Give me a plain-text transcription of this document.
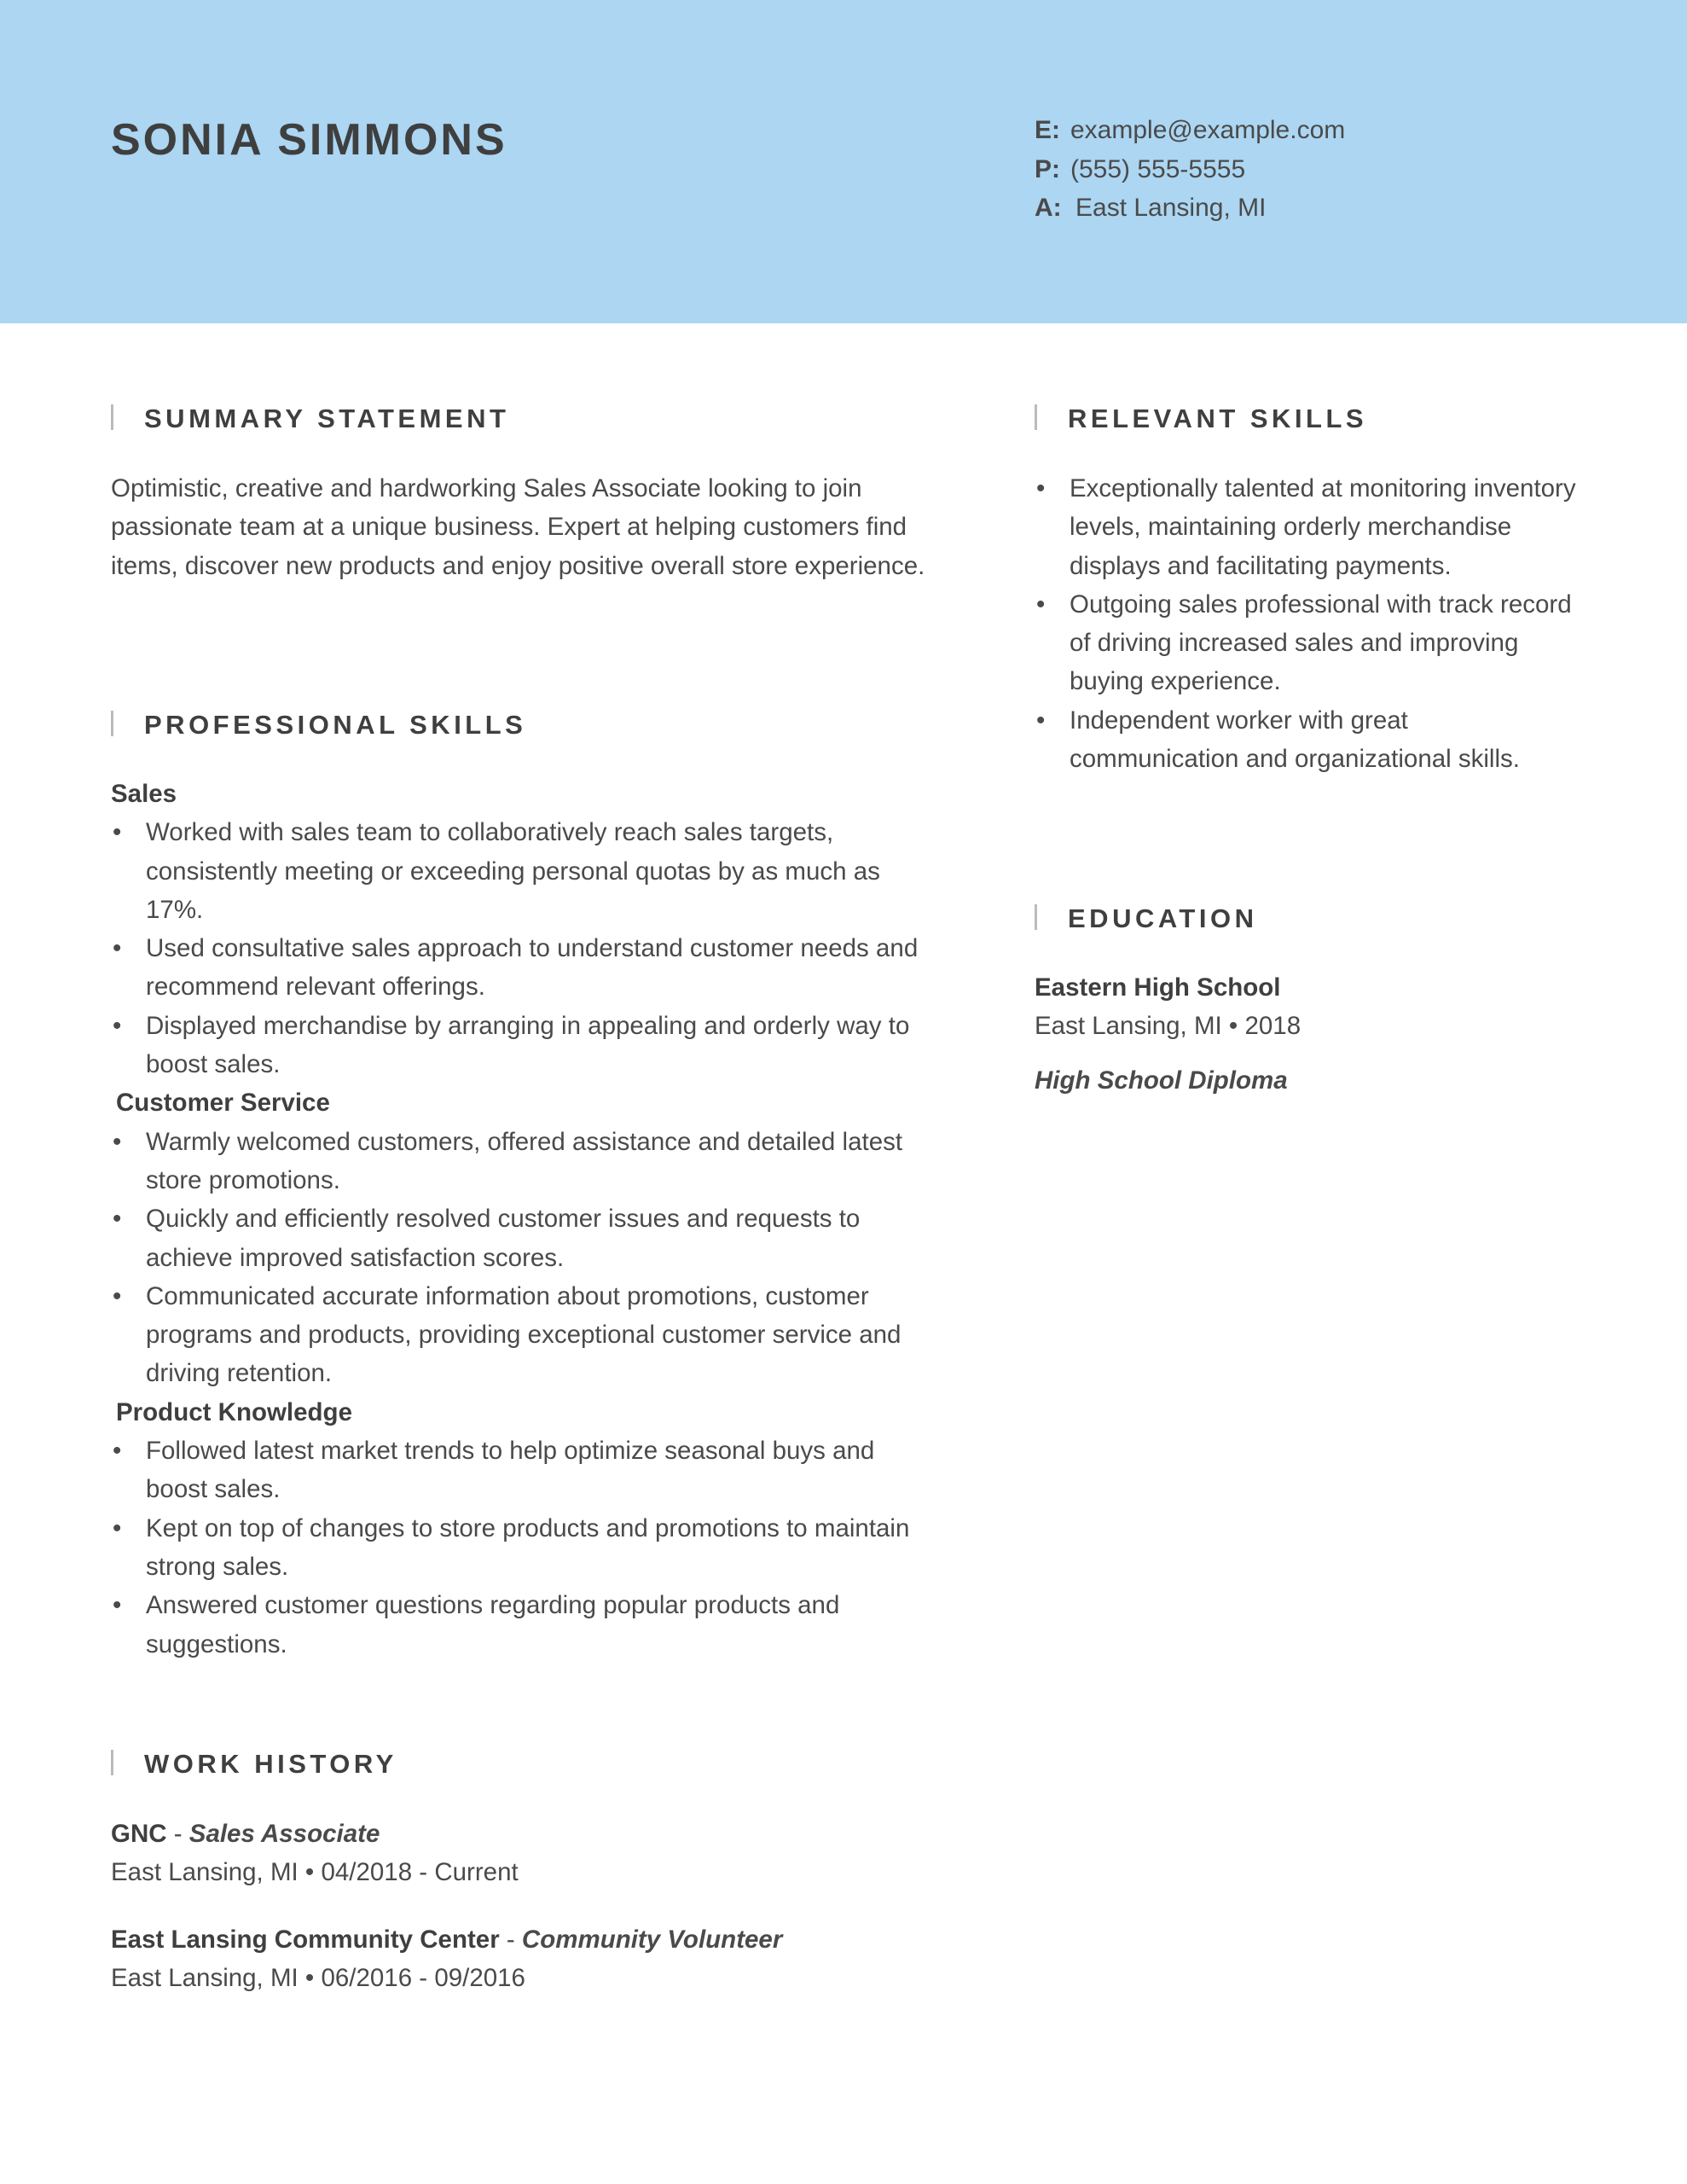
SONIA SIMMONS	E: example@example.com
P: (555) 555-5555
A: East Lansing, MI
SUMMARY STATEMENT
Optimistic, creative and hardworking Sales Associate looking to join passionate team at a unique business. Expert at helping customers find items, discover new products and enjoy positive overall store experience.
PROFESSIONAL SKILLS
Sales
• Worked with sales team to collaboratively reach sales targets, consistently meeting or exceeding personal quotas by as much as 17%.
• Used consultative sales approach to understand customer needs and recommend relevant offerings.
• Displayed merchandise by arranging in appealing and orderly way to boost sales.
Customer Service
• Warmly welcomed customers, offered assistance and detailed latest store promotions.
• Quickly and efficiently resolved customer issues and requests to achieve improved satisfaction scores.
• Communicated accurate information about promotions, customer programs and products, providing exceptional customer service and driving retention.
Product Knowledge
• Followed latest market trends to help optimize seasonal buys and boost sales.
• Kept on top of changes to store products and promotions to maintain strong sales.
• Answered customer questions regarding popular products and suggestions.
WORK HISTORY
GNC - Sales Associate
East Lansing, MI • 04/2018 - Current
East Lansing Community Center - Community Volunteer
East Lansing, MI • 06/2016 - 09/2016
RELEVANT SKILLS
• Exceptionally talented at monitoring inventory levels, maintaining orderly merchandise displays and facilitating payments.
• Outgoing sales professional with track record of driving increased sales and improving buying experience.
• Independent worker with great communication and organizational skills.
EDUCATION
Eastern High School
East Lansing, MI • 2018
High School Diploma
